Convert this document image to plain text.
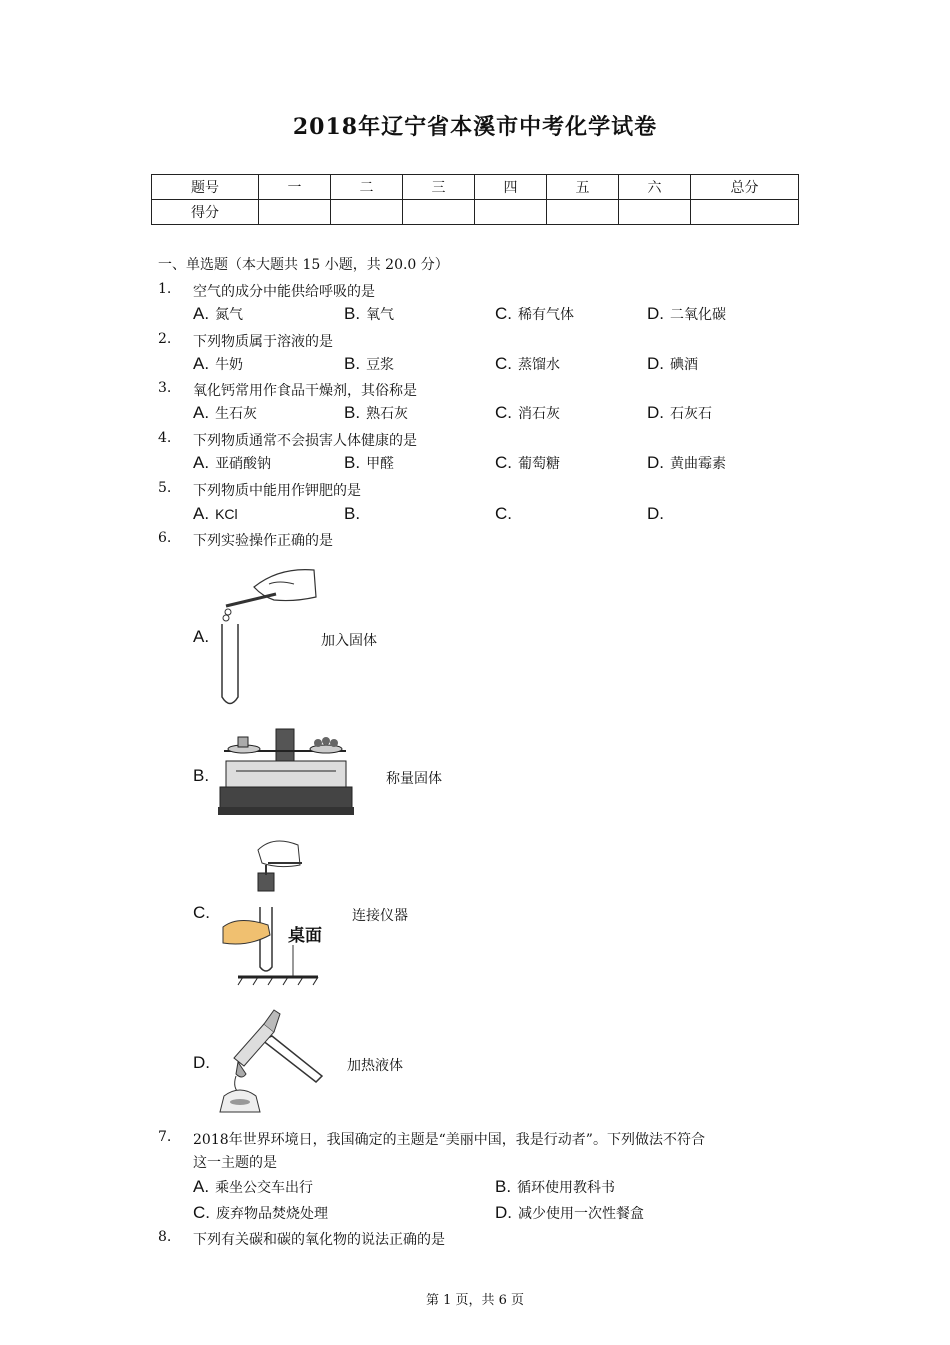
2018年辽宁省本溪市中考化学试卷
题号	一	二	三	四	五	六	总分
得分							
一、单选题（本大题共 15 小题，共 20.0 分）
1. 空气的成分中能供给呼吸的是
A. 氮气	B. 氧气	C. 稀有气体	D. 二氧化碳
2. 下列物质属于溶液的是
A. 牛奶	B. 豆浆	C. 蒸馏水	D. 碘酒
3. 氧化钙常用作食品干燥剂，其俗称是
A. 生石灰	B. 熟石灰	C. 消石灰	D. 石灰石
4. 下列物质通常不会损害人体健康的是
A. 亚硝酸钠	B. 甲醛	C. 葡萄糖	D. 黄曲霉素
5. 下列物质中能用作钾肥的是
A. KCl	B.	C.	D.
6. 下列实验操作正确的是
A.	加入固体
B.	称量固体
C.
桌面
连接仪器
D.	加热液体
7. 2018年世界环境日，我国确定的主题是“美丽中国，我是行动者”。下列做法不符合
这一主题的是
A. 乘坐公交车出行	B. 循环使用教科书
C. 废弃物品焚烧处理	D. 减少使用一次性餐盒
8. 下列有关碳和碳的氧化物的说法正确的是
第 1 页，共 6 页
